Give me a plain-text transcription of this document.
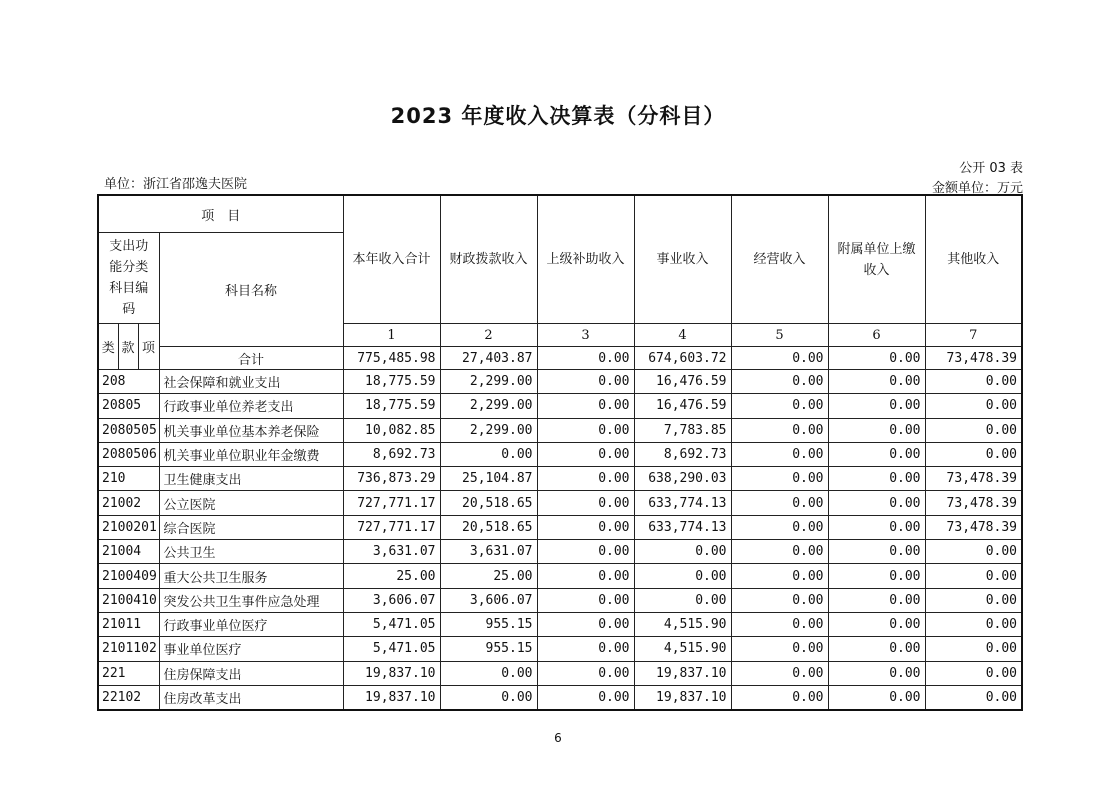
2023 年度收入决算表（分科目）
公开 03 表
单位：浙江省邵逸夫医院	金额单位：万元
项　目				本年收入合计	财政拨款收入	上级补助收入	事业收入	经营收入	附属单位上缴收入	其他收入
支出功能分类科目编码			科目名称							
类	款	项		1	2	3	4	5	6	7
			合计	775,485.98	27,403.87	0.00	674,603.72	0.00	0.00	73,478.39
208			社会保障和就业支出	18,775.59	2,299.00	0.00	16,476.59	0.00	0.00	0.00
20805			行政事业单位养老支出	18,775.59	2,299.00	0.00	16,476.59	0.00	0.00	0.00
2080505			机关事业单位基本养老保险	10,082.85	2,299.00	0.00	7,783.85	0.00	0.00	0.00
2080506			机关事业单位职业年金缴费	8,692.73	0.00	0.00	8,692.73	0.00	0.00	0.00
210			卫生健康支出	736,873.29	25,104.87	0.00	638,290.03	0.00	0.00	73,478.39
21002			公立医院	727,771.17	20,518.65	0.00	633,774.13	0.00	0.00	73,478.39
2100201			综合医院	727,771.17	20,518.65	0.00	633,774.13	0.00	0.00	73,478.39
21004			公共卫生	3,631.07	3,631.07	0.00	0.00	0.00	0.00	0.00
2100409			重大公共卫生服务	25.00	25.00	0.00	0.00	0.00	0.00	0.00
2100410			突发公共卫生事件应急处理	3,606.07	3,606.07	0.00	0.00	0.00	0.00	0.00
21011			行政事业单位医疗	5,471.05	955.15	0.00	4,515.90	0.00	0.00	0.00
2101102			事业单位医疗	5,471.05	955.15	0.00	4,515.90	0.00	0.00	0.00
221			住房保障支出	19,837.10	0.00	0.00	19,837.10	0.00	0.00	0.00
22102			住房改革支出	19,837.10	0.00	0.00	19,837.10	0.00	0.00	0.00
6
